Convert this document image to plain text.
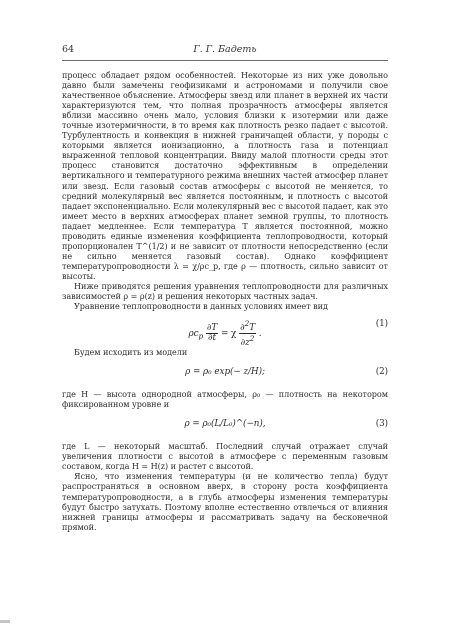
64	Г. Г. Бадеть

процесс обладает рядом особенностей. Некоторые из них уже довольно давно были замечены геофизиками и астрономами и получили свое качественное объяснение. Атмосферы звезд или планет в верхней их части характеризуются тем, что полная прозрачность атмосферы является вблизи массивно очень мало, условия близки к изотермии или даже точные изотермичности, в то время как плотность резко падает с высотой. Турбулентность и конвекция в нижней граничащей области, у породы с которыми является ионизационно, а плотность газа и потенциал выраженной тепловой концентрации. Ввиду малой плотности среды этот процесс становится достаточно эффективным в определении вертикального и температурного режима внешних частей атмосфер планет или звезд. Если газовый состав атмосферы с высотой не меняется, то средний молекулярный вес является постоянным, и плотность с высотой падает экспоненциально. Если молекулярный вес с высотой падает, как это имеет место в верхних атмосферах планет земной группы, то плотность падает медленнее. Если температура T является постоянной, можно проводить единые изменения коэффициента теплопроводности, который пропорционален T^(1/2) и не зависит от плотности непосредственно (если не сильно меняется газовый состав). Однако коэффициент температуропроводности λ = χ/ρc_p, где ρ — плотность, сильно зависит от высоты.

Ниже приводятся решения уравнения теплопроводности для различных зависимостей ρ = ρ(z) и решения некоторых частных задач.

Уравнение теплопроводности в данных условиях имеет вид

$\rho c_p \frac{\partial T}{\partial t} = \chi \frac{\partial^2T}{\partial z^2}$ .
(1)

Будем исходить из модели

ρ = ρ₀ exp(− z/H);	(2)

где H — высота однородной атмосферы, ρ₀ — плотность на некотором фиксированном уровне и

ρ = ρ₀(L/L₀)^(−n),	(3)

где L — некоторый масштаб. Последний случай отражает случай увеличения плотности с высотой в атмосфере с переменным газовым составом, когда H = H(z) и растет с высотой.

Ясно, что изменения температуры (и не количество тепла) будут распространяться в основном вверх, в сторону роста коэффициента температуропроводности, а в глубь атмосферы изменения температуры будут быстро затухать. Поэтому вполне естественно отвлечься от влияния нижней границы атмосферы и рассматривать задачу на бесконечной прямой.
